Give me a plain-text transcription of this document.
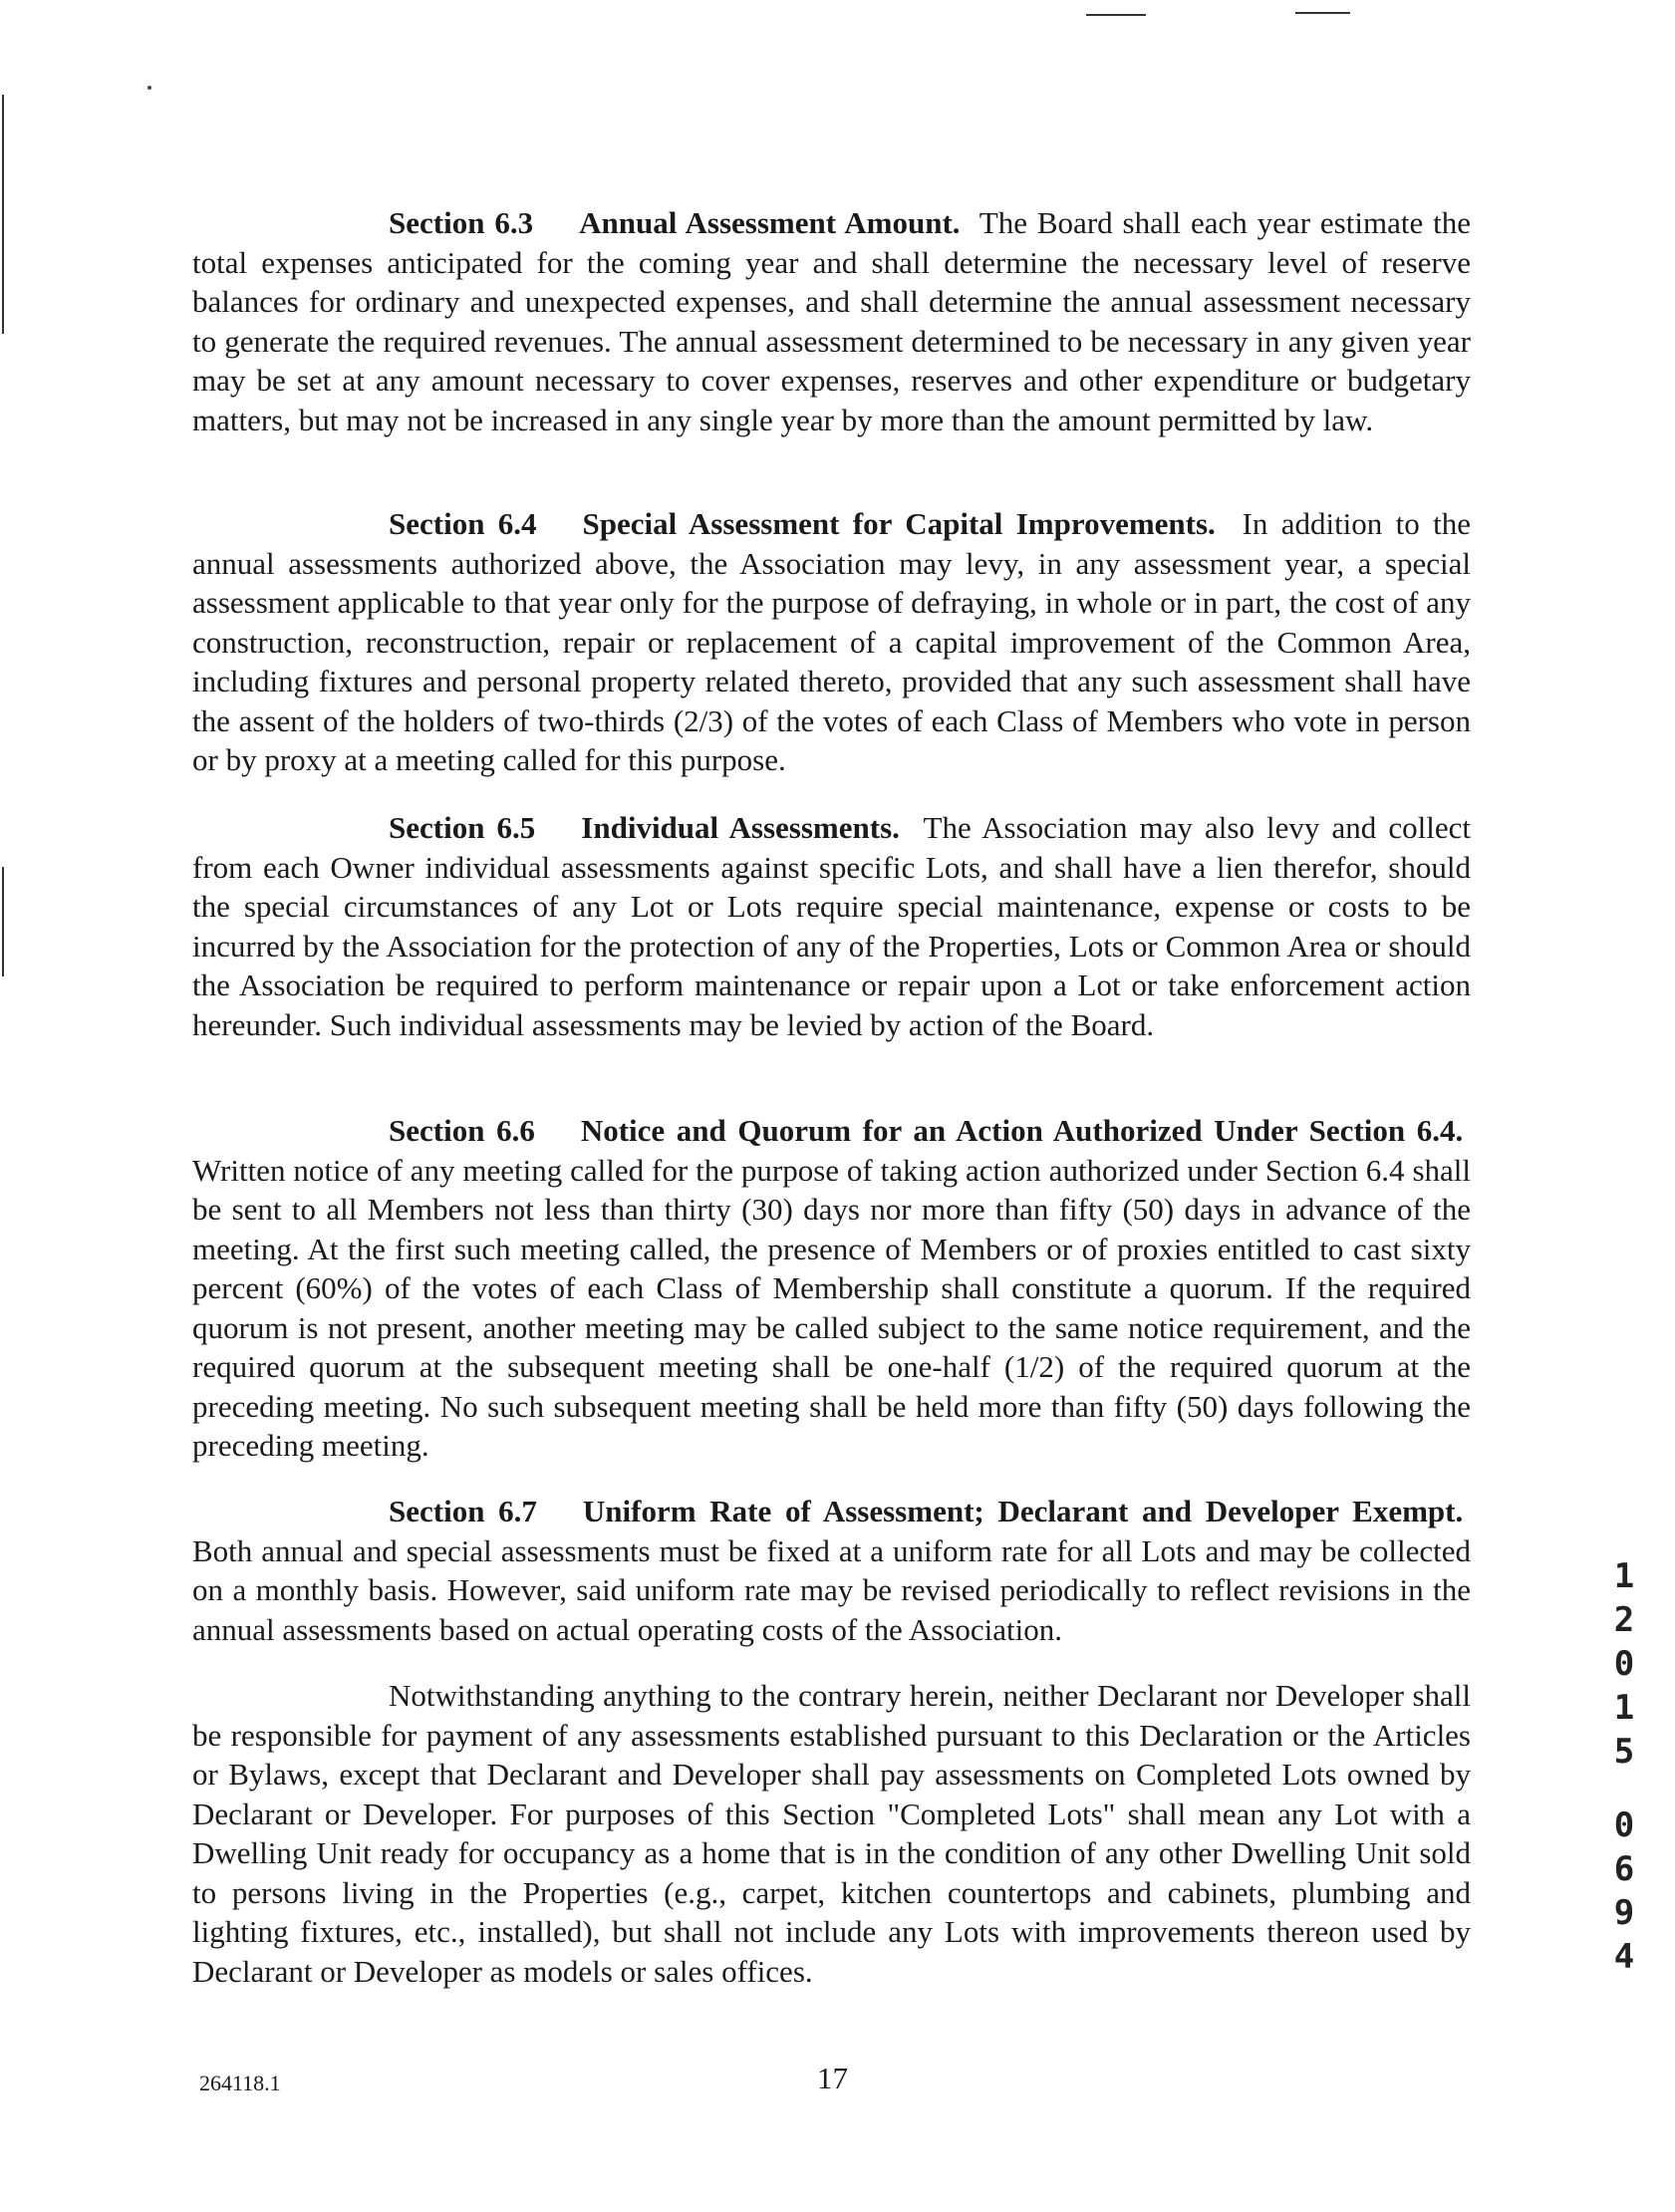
Section 6.3 Annual Assessment Amount. The Board shall each year estimate the total expenses anticipated for the coming year and shall determine the necessary level of reserve balances for ordinary and unexpected expenses, and shall determine the annual assessment necessary to generate the required revenues. The annual assessment determined to be necessary in any given year may be set at any amount necessary to cover expenses, reserves and other expenditure or budgetary matters, but may not be increased in any single year by more than the amount permitted by law.

Section 6.4 Special Assessment for Capital Improvements. In addition to the annual assessments authorized above, the Association may levy, in any assessment year, a special assessment applicable to that year only for the purpose of defraying, in whole or in part, the cost of any construction, reconstruction, repair or replacement of a capital improvement of the Common Area, including fixtures and personal property related thereto, provided that any such assessment shall have the assent of the holders of two-thirds (2/3) of the votes of each Class of Members who vote in person or by proxy at a meeting called for this purpose.

Section 6.5 Individual Assessments. The Association may also levy and collect from each Owner individual assessments against specific Lots, and shall have a lien therefor, should the special circumstances of any Lot or Lots require special maintenance, expense or costs to be incurred by the Association for the protection of any of the Properties, Lots or Common Area or should the Association be required to perform maintenance or repair upon a Lot or take enforcement action hereunder. Such individual assessments may be levied by action of the Board.

Section 6.6 Notice and Quorum for an Action Authorized Under Section 6.4.  Written notice of any meeting called for the purpose of taking action authorized under Section 6.4 shall be sent to all Members not less than thirty (30) days nor more than fifty (50) days in advance of the meeting. At the first such meeting called, the presence of Members or of proxies entitled to cast sixty percent (60%) of the votes of each Class of Membership shall constitute a quorum. If the required quorum is not present, another meeting may be called subject to the same notice requirement, and the required quorum at the subsequent meeting shall be one-half (1/2) of the required quorum at the preceding meeting. No such subsequent meeting shall be held more than fifty (50) days following the preceding meeting.

Section 6.7 Uniform Rate of Assessment; Declarant and Developer Exempt.  Both annual and special assessments must be fixed at a uniform rate for all Lots and may be collected on a monthly basis. However, said uniform rate may be revised periodically to reflect revisions in the annual assessments based on actual operating costs of the Association.

Notwithstanding anything to the contrary herein, neither Declarant nor Developer shall be responsible for payment of any assessments established pursuant to this Declaration or the Articles or Bylaws, except that Declarant and Developer shall pay assessments on Completed Lots owned by Declarant or Developer. For purposes of this Section "Completed Lots" shall mean any Lot with a Dwelling Unit ready for occupancy as a home that is in the condition of any other Dwelling Unit sold to persons living in the Properties (e.g., carpet, kitchen countertops and cabinets, plumbing and lighting fixtures, etc., installed), but shall not include any Lots with improvements thereon used by Declarant or Developer as models or sales offices.

264118.1	17
1
2
0
1
5
0
6
9
4
